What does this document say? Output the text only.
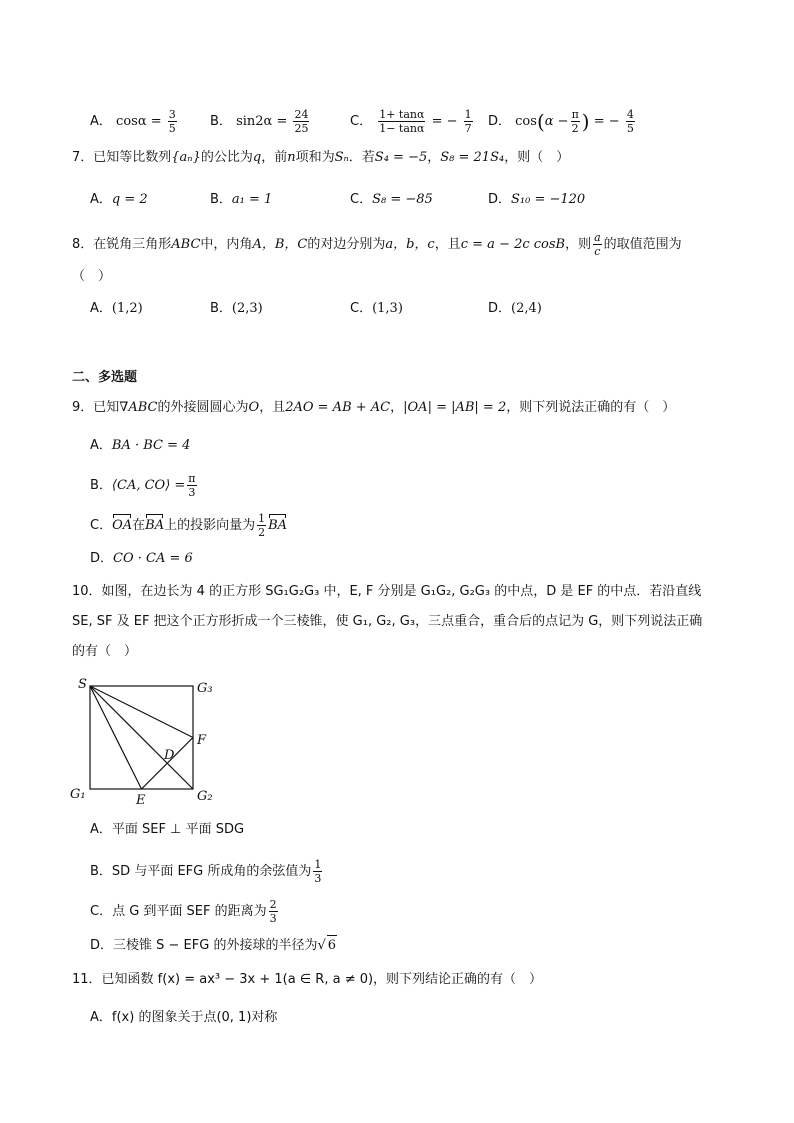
A． $\cos\alpha = \frac{3}{5}$	B． $\sin 2\alpha = \frac{24}{25}$	C． $\frac{1+ \tan\alpha}{1- \tan\alpha}$ = − $\frac{1}{7}$ D． $\cos(\alpha - \frac{\pi}{2}$ ) = − $\frac{4}{5}$
7．已知等比数列{aₙ}的公比为q，前n项和为Sₙ．若S₄ = −5，S₈ = 21S₄，则（　）
A．q = 2	B．a₁ = 1	C．S₈ = −85	D．S₁₀ = −120
8．在锐角三角形ABC中，内角A，B，C的对边分别为a，b，c，且c = a − 2c cosB，则 $\frac{a}{c}$ 的取值范围为
（　）
A．(1,2)	B．(2,3)	C．(1,3)	D．(2,4)
二、多选题
9．已知∇ABC的外接圆圆心为O，且2AO = AB + AC，|OA| = |AB| = 2，则下列说法正确的有（　）
A．BA · BC = 4
B．⟨CA, CO⟩ = $\frac{\pi}{3}$
C．OA在BA上的投影向量为 $\frac{1}{2}$ BA
D．CO · CA = 6
10．如图，在边长为 4 的正方形 SG₁G₂G₃ 中，E, F 分别是 G₁G₂, G₂G₃ 的中点，D 是 EF 的中点．若沿直线
SE, SF 及 EF 把这个正方形折成一个三棱锥，使 G₁, G₂, G₃，三点重合，重合后的点记为 G，则下列说法正确
的有（　）
S	G₃
F
D
G₁	E	G₂
A．平面 SEF ⊥ 平面 SDG
B．SD 与平面 EFG 所成角的余弦值为 $\frac{1}{3}$
C．点 G 到平面 SEF 的距离为 $\frac{2}{3}$
D．三棱锥 S − EFG 的外接球的半径为√ 6
11．已知函数 f(x) = ax³ − 3x + 1(a ∈ R, a ≠ 0)，则下列结论正确的有（　）
A．f(x) 的图象关于点(0, 1)对称
